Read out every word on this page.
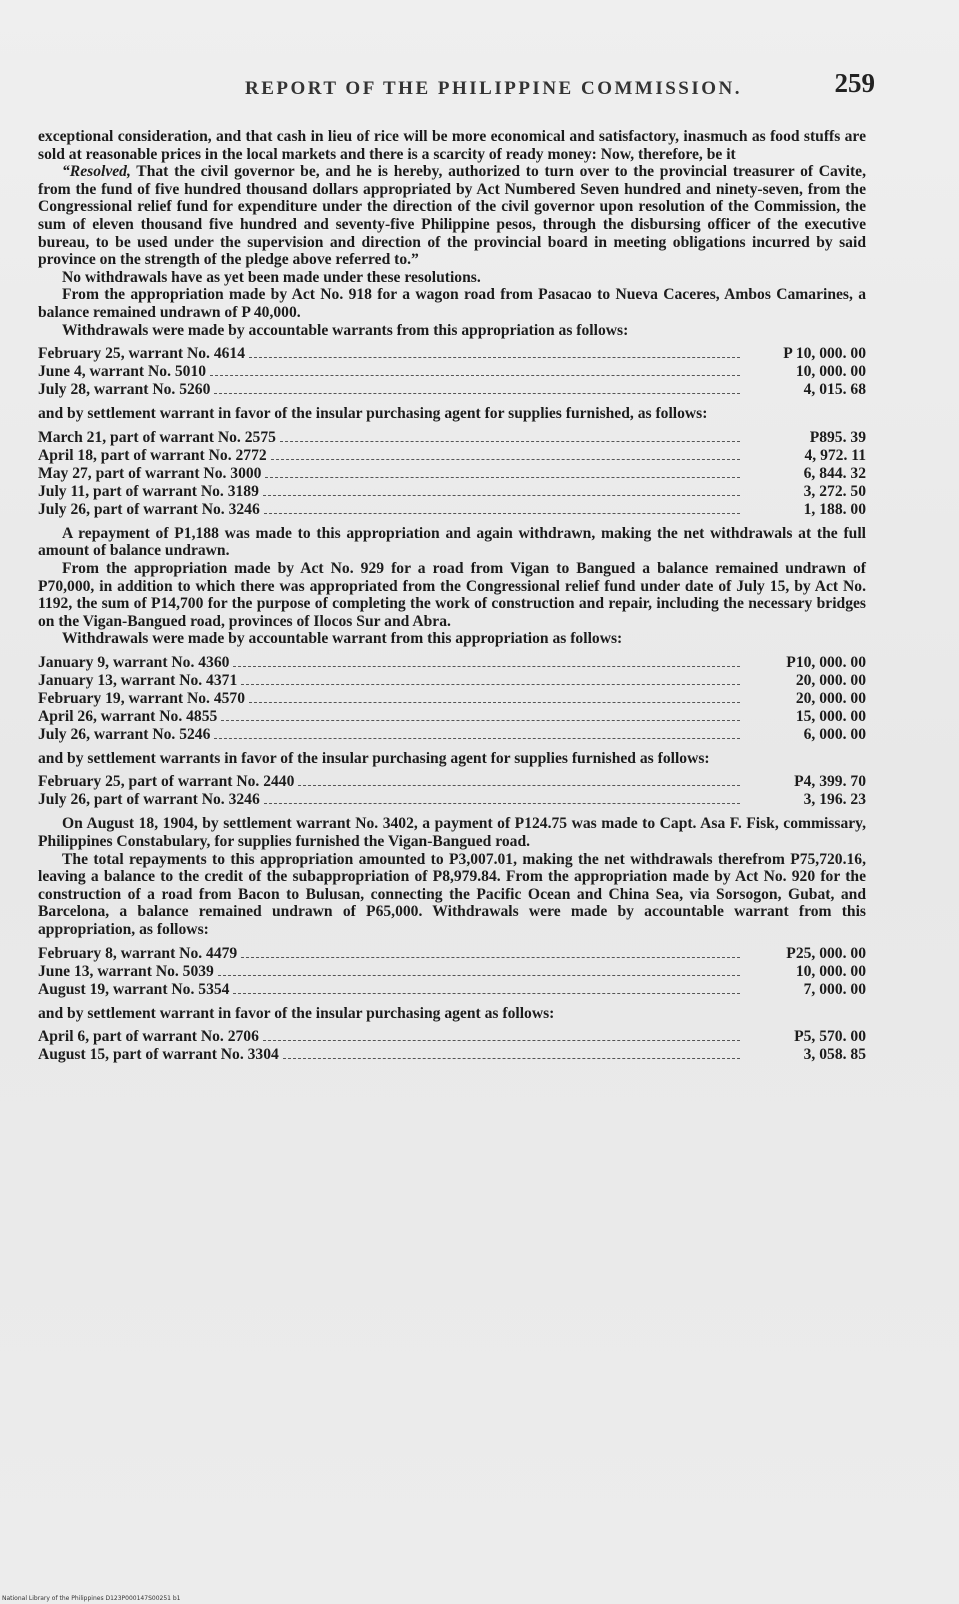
REPORT OF THE PHILIPPINE COMMISSION.	259

exceptional consideration, and that cash in lieu of rice will be more economical and satisfactory, inasmuch as food stuffs are sold at reasonable prices in the local markets and there is a scarcity of ready money: Now, therefore, be it

“Resolved, That the civil governor be, and he is hereby, authorized to turn over to the provincial treasurer of Cavite, from the fund of five hundred thousand dollars appropriated by Act Numbered Seven hundred and ninety-seven, from the Congressional relief fund for expenditure under the direction of the civil governor upon resolution of the Commission, the sum of eleven thousand five hundred and seventy-five Philippine pesos, through the disbursing officer of the executive bureau, to be used under the supervision and direction of the provincial board in meeting obligations incurred by said province on the strength of the pledge above referred to.”

No withdrawals have as yet been made under these resolutions.

From the appropriation made by Act No. 918 for a wagon road from Pasacao to Nueva Caceres, Ambos Camarines, a balance remained undrawn of P 40,000.

Withdrawals were made by accountable warrants from this appropriation as follows:

February 25, warrant No. 4614	P 10, 000. 00
June 4, warrant No. 5010	10, 000. 00
July 28, warrant No. 5260	4, 015. 68

and by settlement warrant in favor of the insular purchasing agent for supplies furnished, as follows:

March 21, part of warrant No. 2575	P895. 39
April 18, part of warrant No. 2772	4, 972. 11
May 27, part of warrant No. 3000	6, 844. 32
July 11, part of warrant No. 3189	3, 272. 50
July 26, part of warrant No. 3246	1, 188. 00

A repayment of P1,188 was made to this appropriation and again withdrawn, making the net withdrawals at the full amount of balance undrawn.

From the appropriation made by Act No. 929 for a road from Vigan to Bangued a balance remained undrawn of P70,000, in addition to which there was appropriated from the Congressional relief fund under date of July 15, by Act No. 1192, the sum of P14,700 for the purpose of completing the work of construction and repair, including the necessary bridges on the Vigan-Bangued road, provinces of Ilocos Sur and Abra.

Withdrawals were made by accountable warrant from this appropriation as follows:

January 9, warrant No. 4360	P10, 000. 00
January 13, warrant No. 4371	20, 000. 00
February 19, warrant No. 4570	20, 000. 00
April 26, warrant No. 4855	15, 000. 00
July 26, warrant No. 5246	6, 000. 00

and by settlement warrants in favor of the insular purchasing agent for supplies furnished as follows:

February 25, part of warrant No. 2440	P4, 399. 70
July 26, part of warrant No. 3246	3, 196. 23

On August 18, 1904, by settlement warrant No. 3402, a payment of P124.75 was made to Capt. Asa F. Fisk, commissary, Philippines Constabulary, for supplies furnished the Vigan-Bangued road.

The total repayments to this appropriation amounted to P3,007.01, making the net withdrawals therefrom P75,720.16, leaving a balance to the credit of the subappropriation of P8,979.84. From the appropriation made by Act No. 920 for the construction of a road from Bacon to Bulusan, connecting the Pacific Ocean and China Sea, via Sorsogon, Gubat, and Barcelona, a balance remained undrawn of P65,000. Withdrawals were made by accountable warrant from this appropriation, as follows:

February 8, warrant No. 4479	P25, 000. 00
June 13, warrant No. 5039	10, 000. 00
August 19, warrant No. 5354	7, 000. 00

and by settlement warrant in favor of the insular purchasing agent as follows:

April 6, part of warrant No. 2706	P5, 570. 00
August 15, part of warrant No. 3304	3, 058. 85
National Library of the Philippines D123P000147S00251 b1
